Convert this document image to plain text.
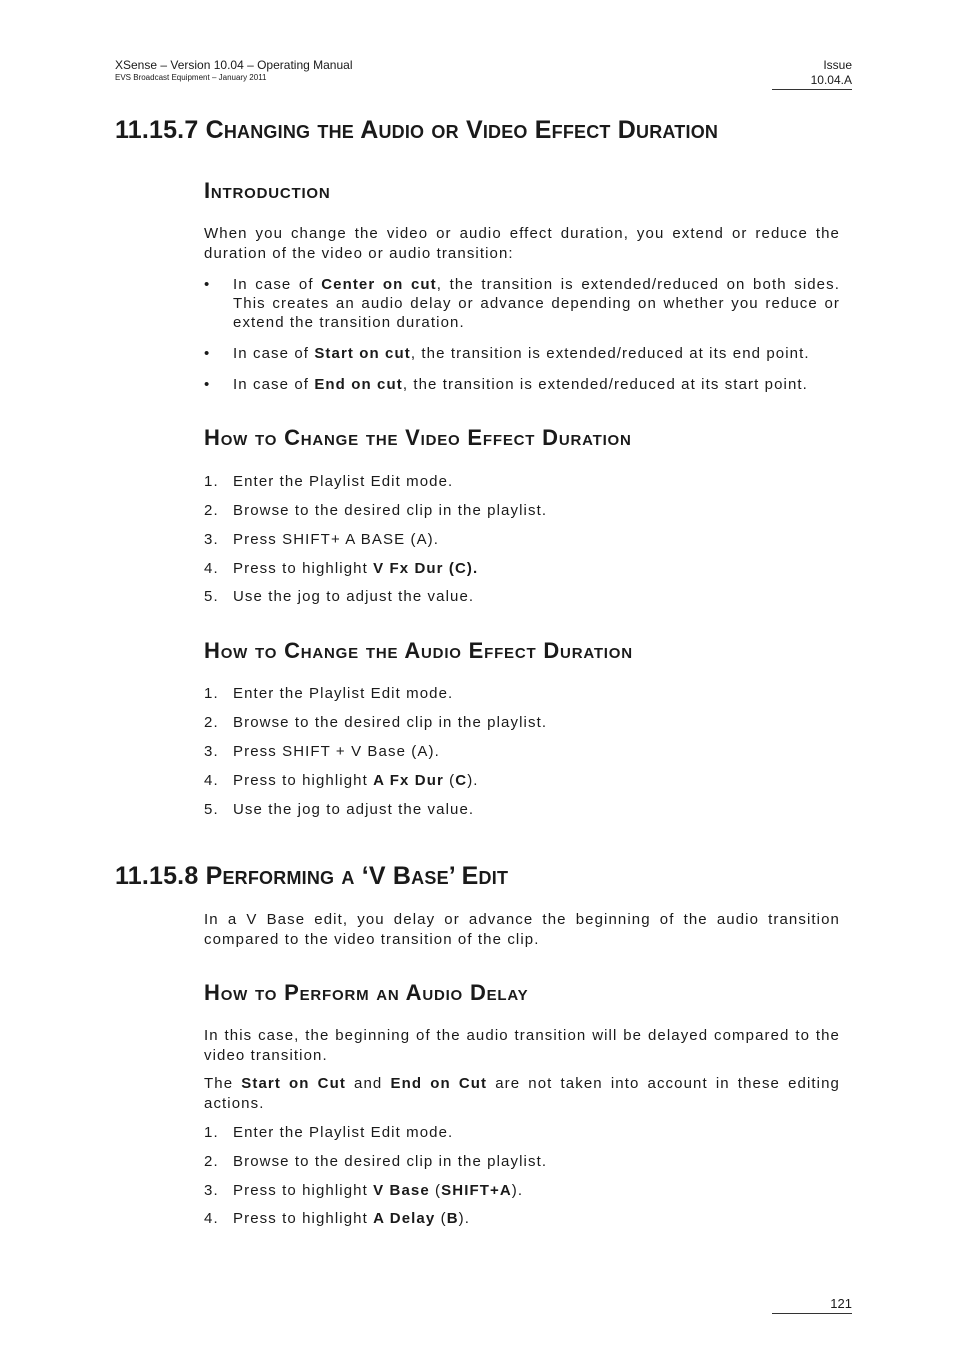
XSense – Version 10.04 – Operating Manual
EVS Broadcast Equipment – January 2011
Issue
10.04.A
11.15.7 Changing the Audio or Video Effect Duration
Introduction
When you change the video or audio effect duration, you extend or reduce the duration of the video or audio transition:
• In case of Center on cut, the transition is extended/reduced on both sides. This creates an audio delay or advance depending on whether you reduce or extend the transition duration.
• In case of Start on cut, the transition is extended/reduced at its end point.
• In case of End on cut, the transition is extended/reduced at its start point.
How to Change the Video Effect Duration
1. Enter the Playlist Edit mode.
2. Browse to the desired clip in the playlist.
3. Press SHIFT+ A BASE (A).
4. Press to highlight V Fx Dur (C).
5. Use the jog to adjust the value.
How to Change the Audio Effect Duration
1. Enter the Playlist Edit mode.
2. Browse to the desired clip in the playlist.
3. Press SHIFT + V Base (A).
4. Press to highlight A Fx Dur (C).
5. Use the jog to adjust the value.
11.15.8 Performing a ‘V Base’ Edit
In a V Base edit, you delay or advance the beginning of the audio transition compared to the video transition of the clip.
How to Perform an Audio Delay
In this case, the beginning of the audio transition will be delayed compared to the video transition.
The Start on Cut and End on Cut are not taken into account in these editing actions.
1. Enter the Playlist Edit mode.
2. Browse to the desired clip in the playlist.
3. Press to highlight V Base (SHIFT+A).
4. Press to highlight A Delay (B).
121
